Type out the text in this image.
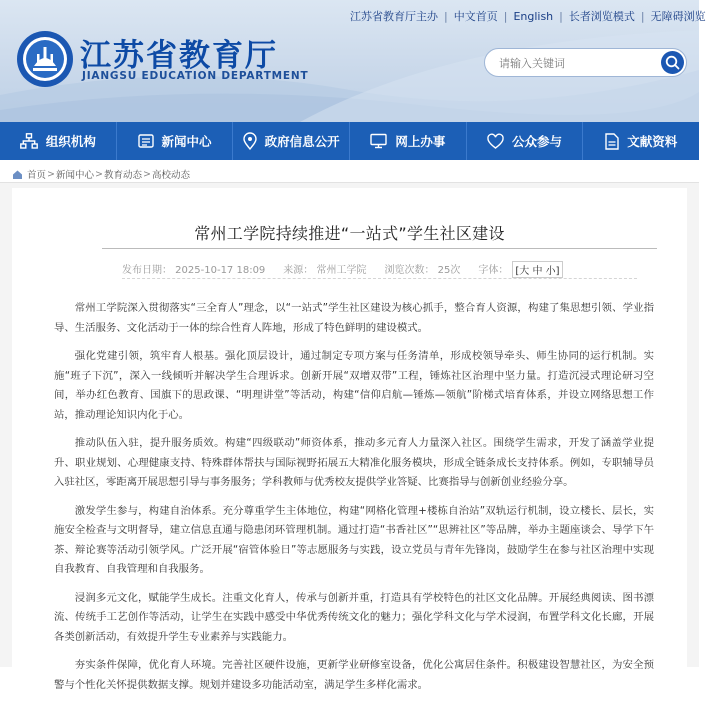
江苏省教育厅主办 | 中文首页 | English | 长者浏览模式 | 无障碍浏览
江苏省教育厅
JIANGSU EDUCATION DEPARTMENT
请输入关键词
组织机构	新闻中心	政府信息公开	网上办事	公众参与	文献资料
首页 > 新闻中心 > 教育动态 > 高校动态
常州工学院持续推进“一站式”学生社区建设
发布日期： 2025-10-17 18:09 来源： 常州工学院 浏览次数： 25次 字体： [大 中 小]

常州工学院深入贯彻落实“三全育人”理念，以“一站式”学生社区建设为核心抓手，整合育人资源，构建了集思想引领、学业指导、生活服务、文化活动于一体的综合性育人阵地，形成了特色鲜明的建设模式。

强化党建引领，筑牢育人根基。强化顶层设计，通过制定专项方案与任务清单，形成校领导牵头、师生协同的运行机制。实施“班子下沉”，深入一线倾听并解决学生合理诉求。创新开展“双增双带”工程，锤炼社区治理中坚力量。打造沉浸式理论研习空间，举办红色教育、国旗下的思政课、“明理讲堂”等活动，构建“信仰启航—锤炼—领航”阶梯式培育体系，并设立网络思想工作站，推动理论知识内化于心。

推动队伍入驻，提升服务质效。构建“四级联动”师资体系，推动多元育人力量深入社区。围绕学生需求，开发了涵盖学业提升、职业规划、心理健康支持、特殊群体帮扶与国际视野拓展五大精准化服务模块，形成全链条成长支持体系。例如，专职辅导员入驻社区，零距离开展思想引导与事务服务；学科教师与优秀校友提供学业答疑、比赛指导与创新创业经验分享。

激发学生参与，构建自治体系。充分尊重学生主体地位，构建“网格化管理+楼栋自治站”双轨运行机制，设立楼长、层长，实施安全检查与文明督导，建立信息直通与隐患闭环管理机制。通过打造“书香社区”“思辨社区”等品牌，举办主题座谈会、导学下午茶、辩论赛等活动引领学风。广泛开展“宿管体验日”等志愿服务与实践，设立党员与青年先锋岗，鼓励学生在参与社区治理中实现自我教育、自我管理和自我服务。

浸润多元文化，赋能学生成长。注重文化育人，传承与创新并重，打造具有学校特色的社区文化品牌。开展经典阅读、图书漂流、传统手工艺创作等活动，让学生在实践中感受中华优秀传统文化的魅力；强化学科文化与学术浸润，布置学科文化长廊，开展各类创新活动，有效提升学生专业素养与实践能力。

夯实条件保障，优化育人环境。完善社区硬件设施，更新学业研修室设备，优化公寓居住条件。积极建设智慧社区，为安全预警与个性化关怀提供数据支撑。规划并建设多功能活动室，满足学生多样化需求。
